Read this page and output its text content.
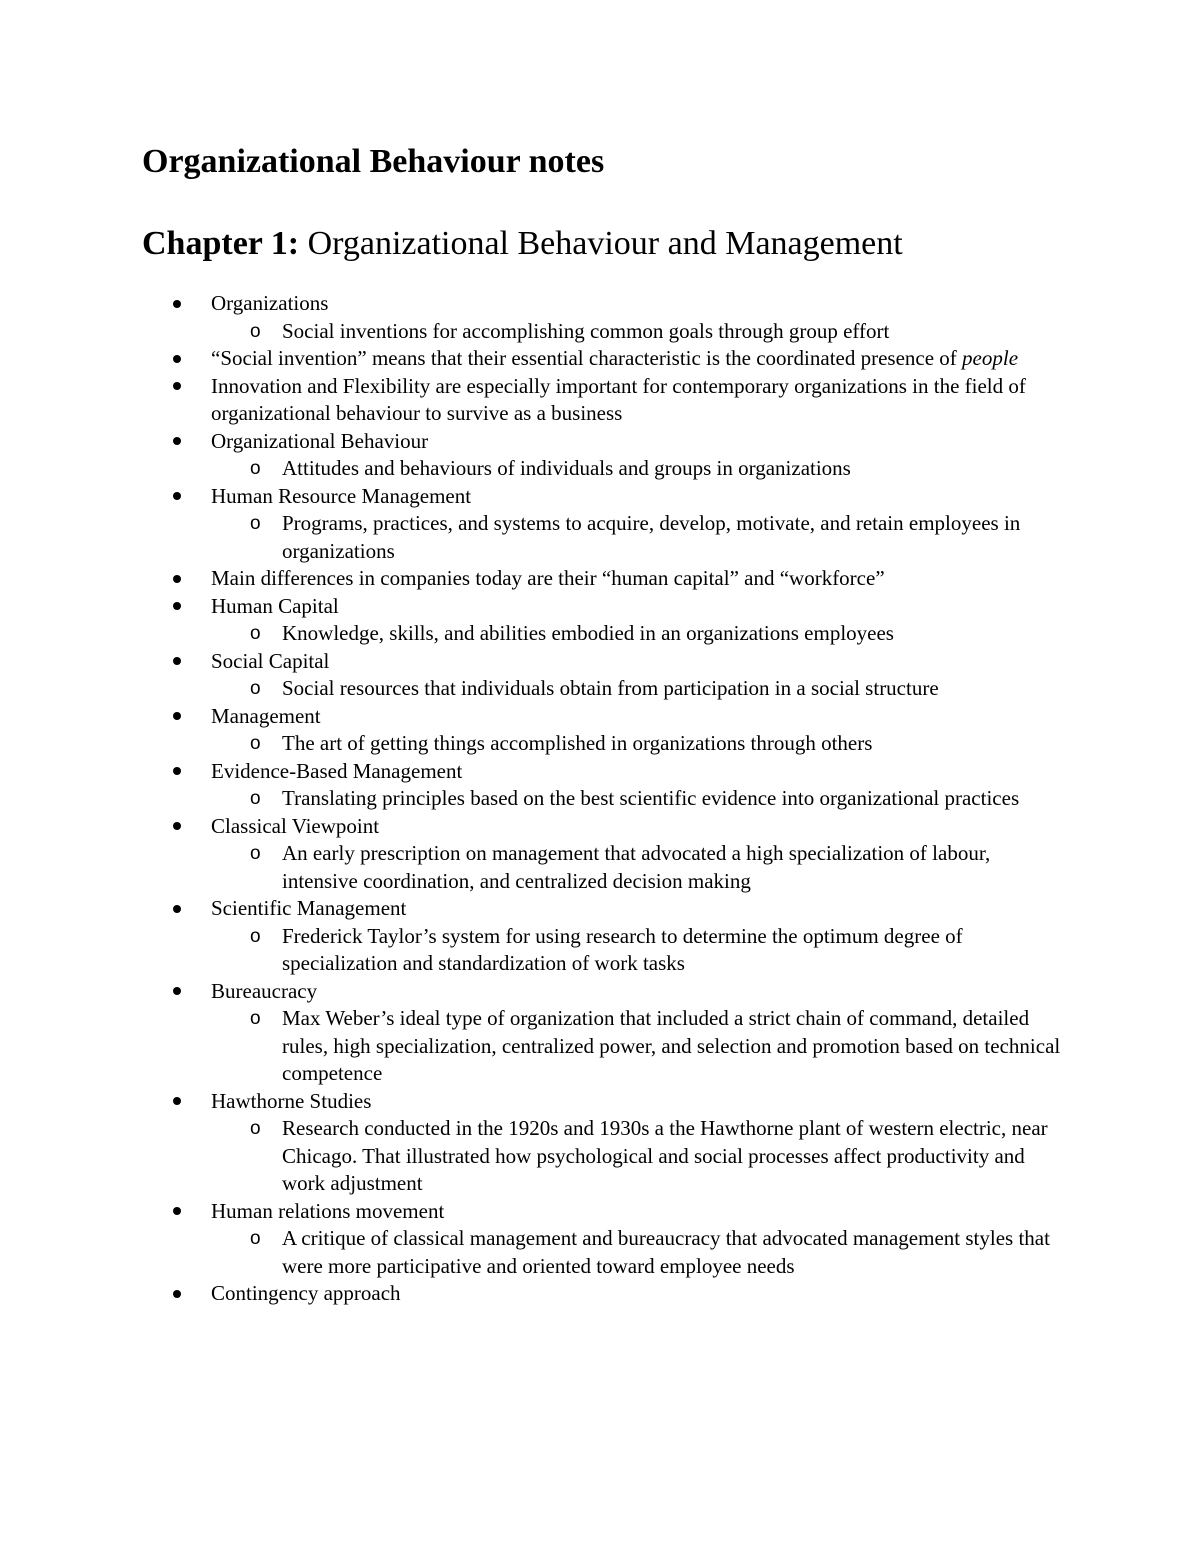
Organizational Behaviour notes
Chapter 1: Organizational Behaviour and Management
Organizations
o Social inventions for accomplishing common goals through group effort
“Social invention” means that their essential characteristic is the coordinated presence of people
Innovation and Flexibility are especially important for contemporary organizations in the field of organizational behaviour to survive as a business
Organizational Behaviour
o Attitudes and behaviours of individuals and groups in organizations
Human Resource Management
o Programs, practices, and systems to acquire, develop, motivate, and retain employees in organizations
Main differences in companies today are their “human capital” and “workforce”
Human Capital
o Knowledge, skills, and abilities embodied in an organizations employees
Social Capital
o Social resources that individuals obtain from participation in a social structure
Management
o The art of getting things accomplished in organizations through others
Evidence-Based Management
o Translating principles based on the best scientific evidence into organizational practices
Classical Viewpoint
o An early prescription on management that advocated a high specialization of labour, intensive coordination, and centralized decision making
Scientific Management
o Frederick Taylor’s system for using research to determine the optimum degree of specialization and standardization of work tasks
Bureaucracy
o Max Weber’s ideal type of organization that included a strict chain of command, detailed rules, high specialization, centralized power, and selection and promotion based on technical competence
Hawthorne Studies
o Research conducted in the 1920s and 1930s a the Hawthorne plant of western electric, near Chicago. That illustrated how psychological and social processes affect productivity and work adjustment
Human relations movement
o A critique of classical management and bureaucracy that advocated management styles that were more participative and oriented toward employee needs
Contingency approach
